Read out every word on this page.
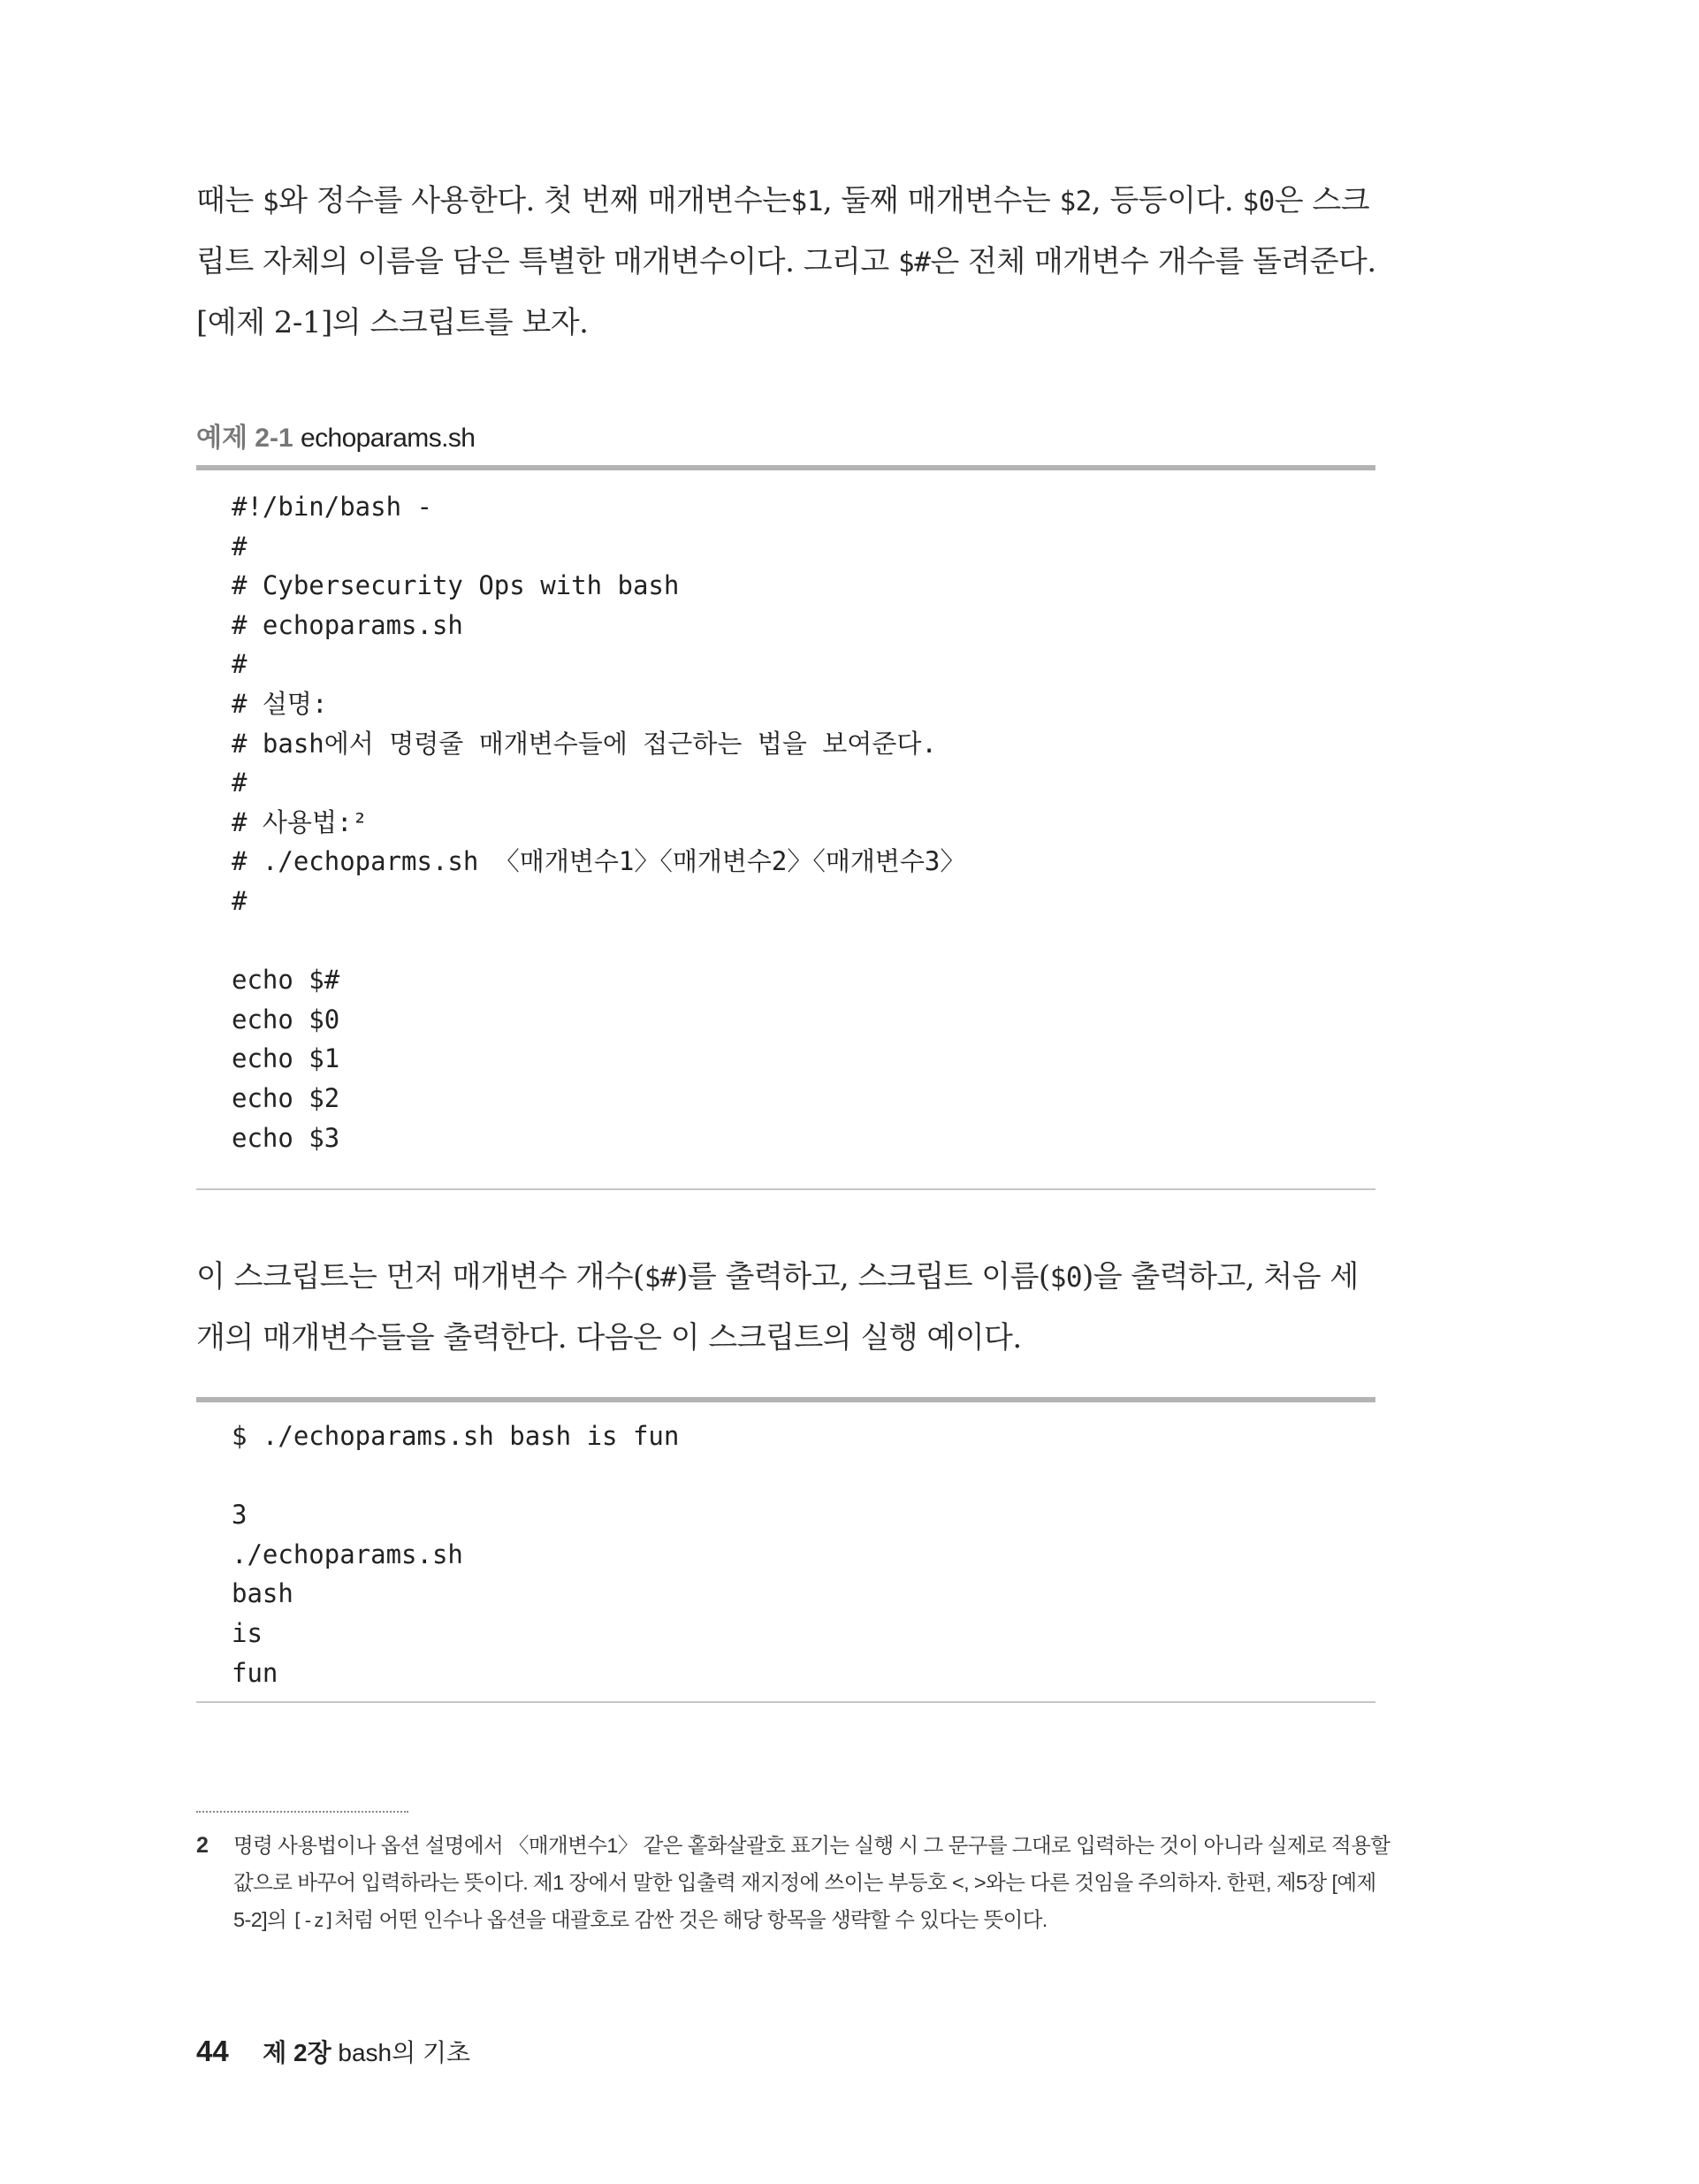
때는 $와 정수를 사용한다. 첫 번째 매개변수는$1, 둘째 매개변수는 $2, 등등이다. $0은 스크

립트 자체의 이름을 담은 특별한 매개변수이다. 그리고 $#은 전체 매개변수 개수를 돌려준다.

[예제 2-1]의 스크립트를 보자.

예제 2-1 echoparams.sh
#!/bin/bash -
#
# Cybersecurity Ops with bash
# echoparams.sh
#
# 설명:
# bash에서 명령줄 매개변수들에 접근하는 법을 보여준다.
#
# 사용법:²
# ./echoparms.sh 〈매개변수1〉〈매개변수2〉〈매개변수3〉
#
echo $#
echo $0
echo $1
echo $2
echo $3

이 스크립트는 먼저 매개변수 개수($#)를 출력하고, 스크립트 이름($0)을 출력하고, 처음 세

개의 매개변수들을 출력한다. 다음은 이 스크립트의 실행 예이다.

$ ./echoparams.sh bash is fun
3
./echoparams.sh
bash
is
fun
2 명령 사용법이나 옵션 설명에서 〈매개변수1〉 같은 홑화살괄호 표기는 실행 시 그 문구를 그대로 입력하는 것이 아니라 실제로 적용할

값으로 바꾸어 입력하라는 뜻이다. 제1 장에서 말한 입출력 재지정에 쓰이는 부등호 <, >와는 다른 것임을 주의하자. 한편, 제5장 [예제

5-2]의 [-z]처럼 어떤 인수나 옵션을 대괄호로 감싼 것은 해당 항목을 생략할 수 있다는 뜻이다.

44 제 2장 bash의 기초
